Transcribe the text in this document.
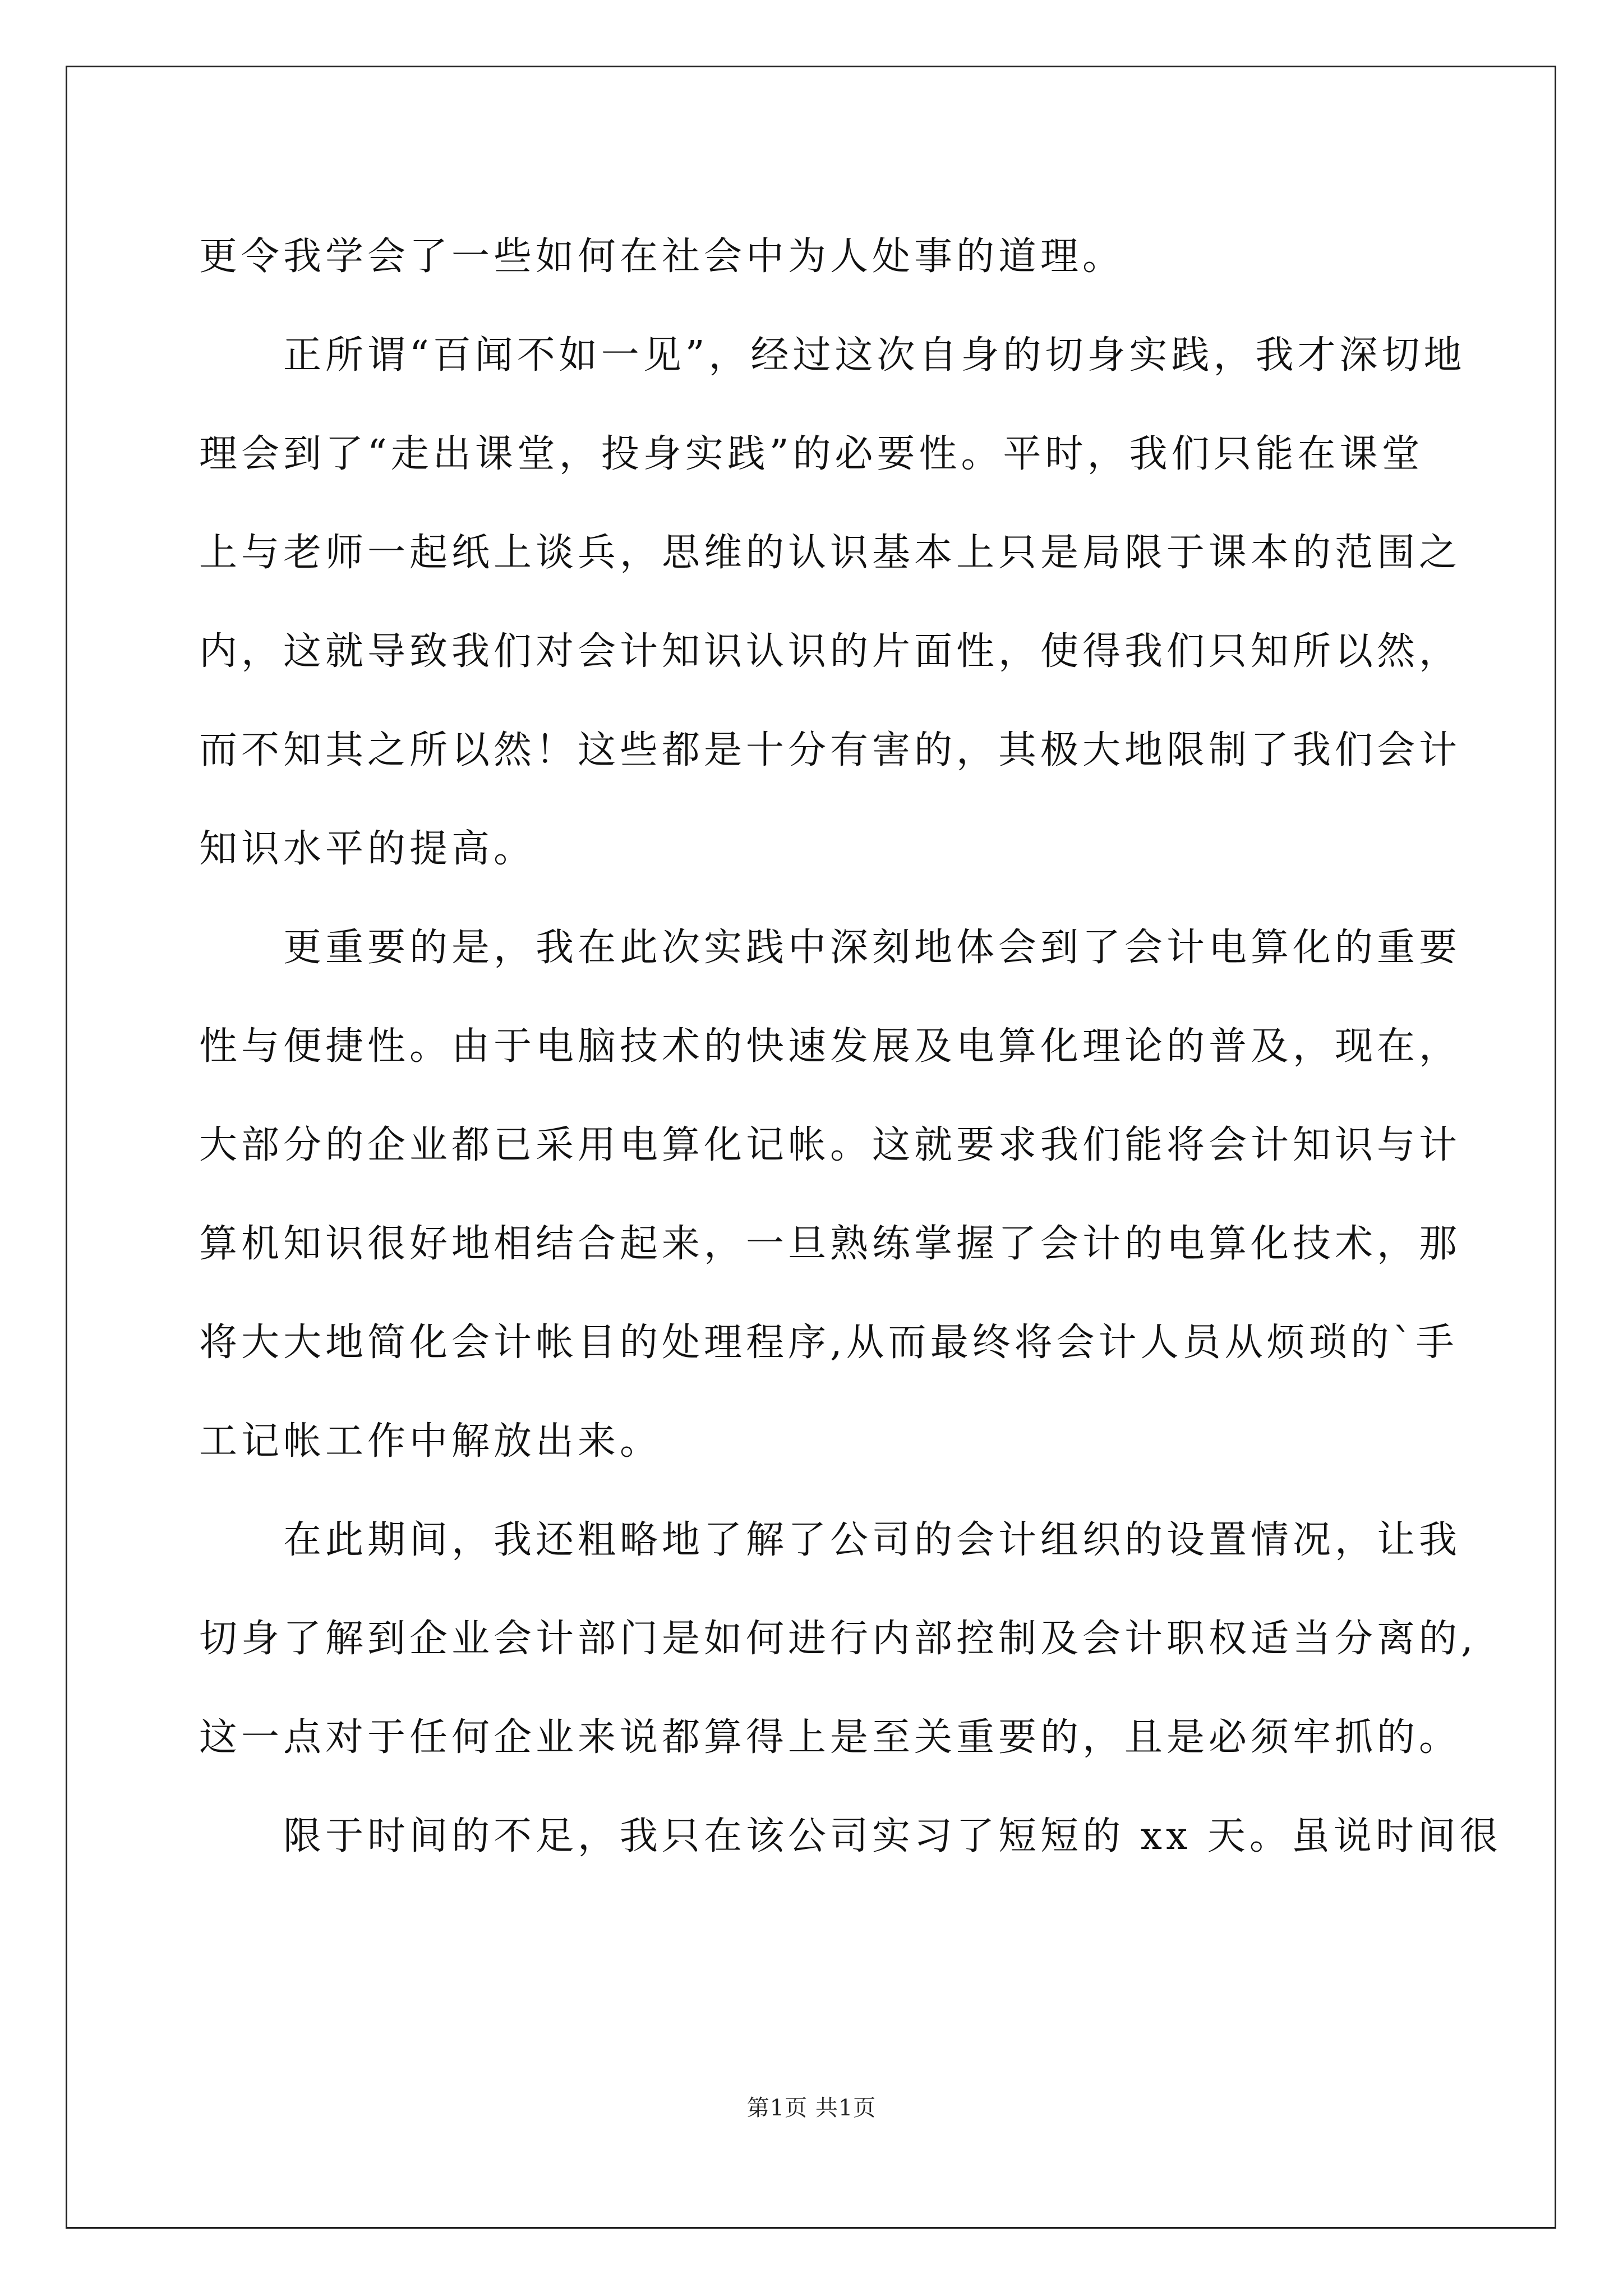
更令我学会了一些如何在社会中为人处事的道理。
正所谓“百闻不如一见”，经过这次自身的切身实践，我才深切地
理会到了“走出课堂，投身实践”的必要性。平时，我们只能在课堂
上与老师一起纸上谈兵，思维的认识基本上只是局限于课本的范围之
内，这就导致我们对会计知识认识的片面性，使得我们只知所以然，
而不知其之所以然！这些都是十分有害的，其极大地限制了我们会计
知识水平的提高。
更重要的是，我在此次实践中深刻地体会到了会计电算化的重要
性与便捷性。由于电脑技术的快速发展及电算化理论的普及，现在，
大部分的企业都已采用电算化记帐。这就要求我们能将会计知识与计
算机知识很好地相结合起来，一旦熟练掌握了会计的电算化技术，那
将大大地简化会计帐目的处理程序,从而最终将会计人员从烦琐的`手
工记帐工作中解放出来。
在此期间，我还粗略地了解了公司的会计组织的设置情况，让我
切身了解到企业会计部门是如何进行内部控制及会计职权适当分离的,
这一点对于任何企业来说都算得上是至关重要的，且是必须牢抓的。
限于时间的不足，我只在该公司实习了短短的 xx 天。虽说时间很
第1页 共1页
